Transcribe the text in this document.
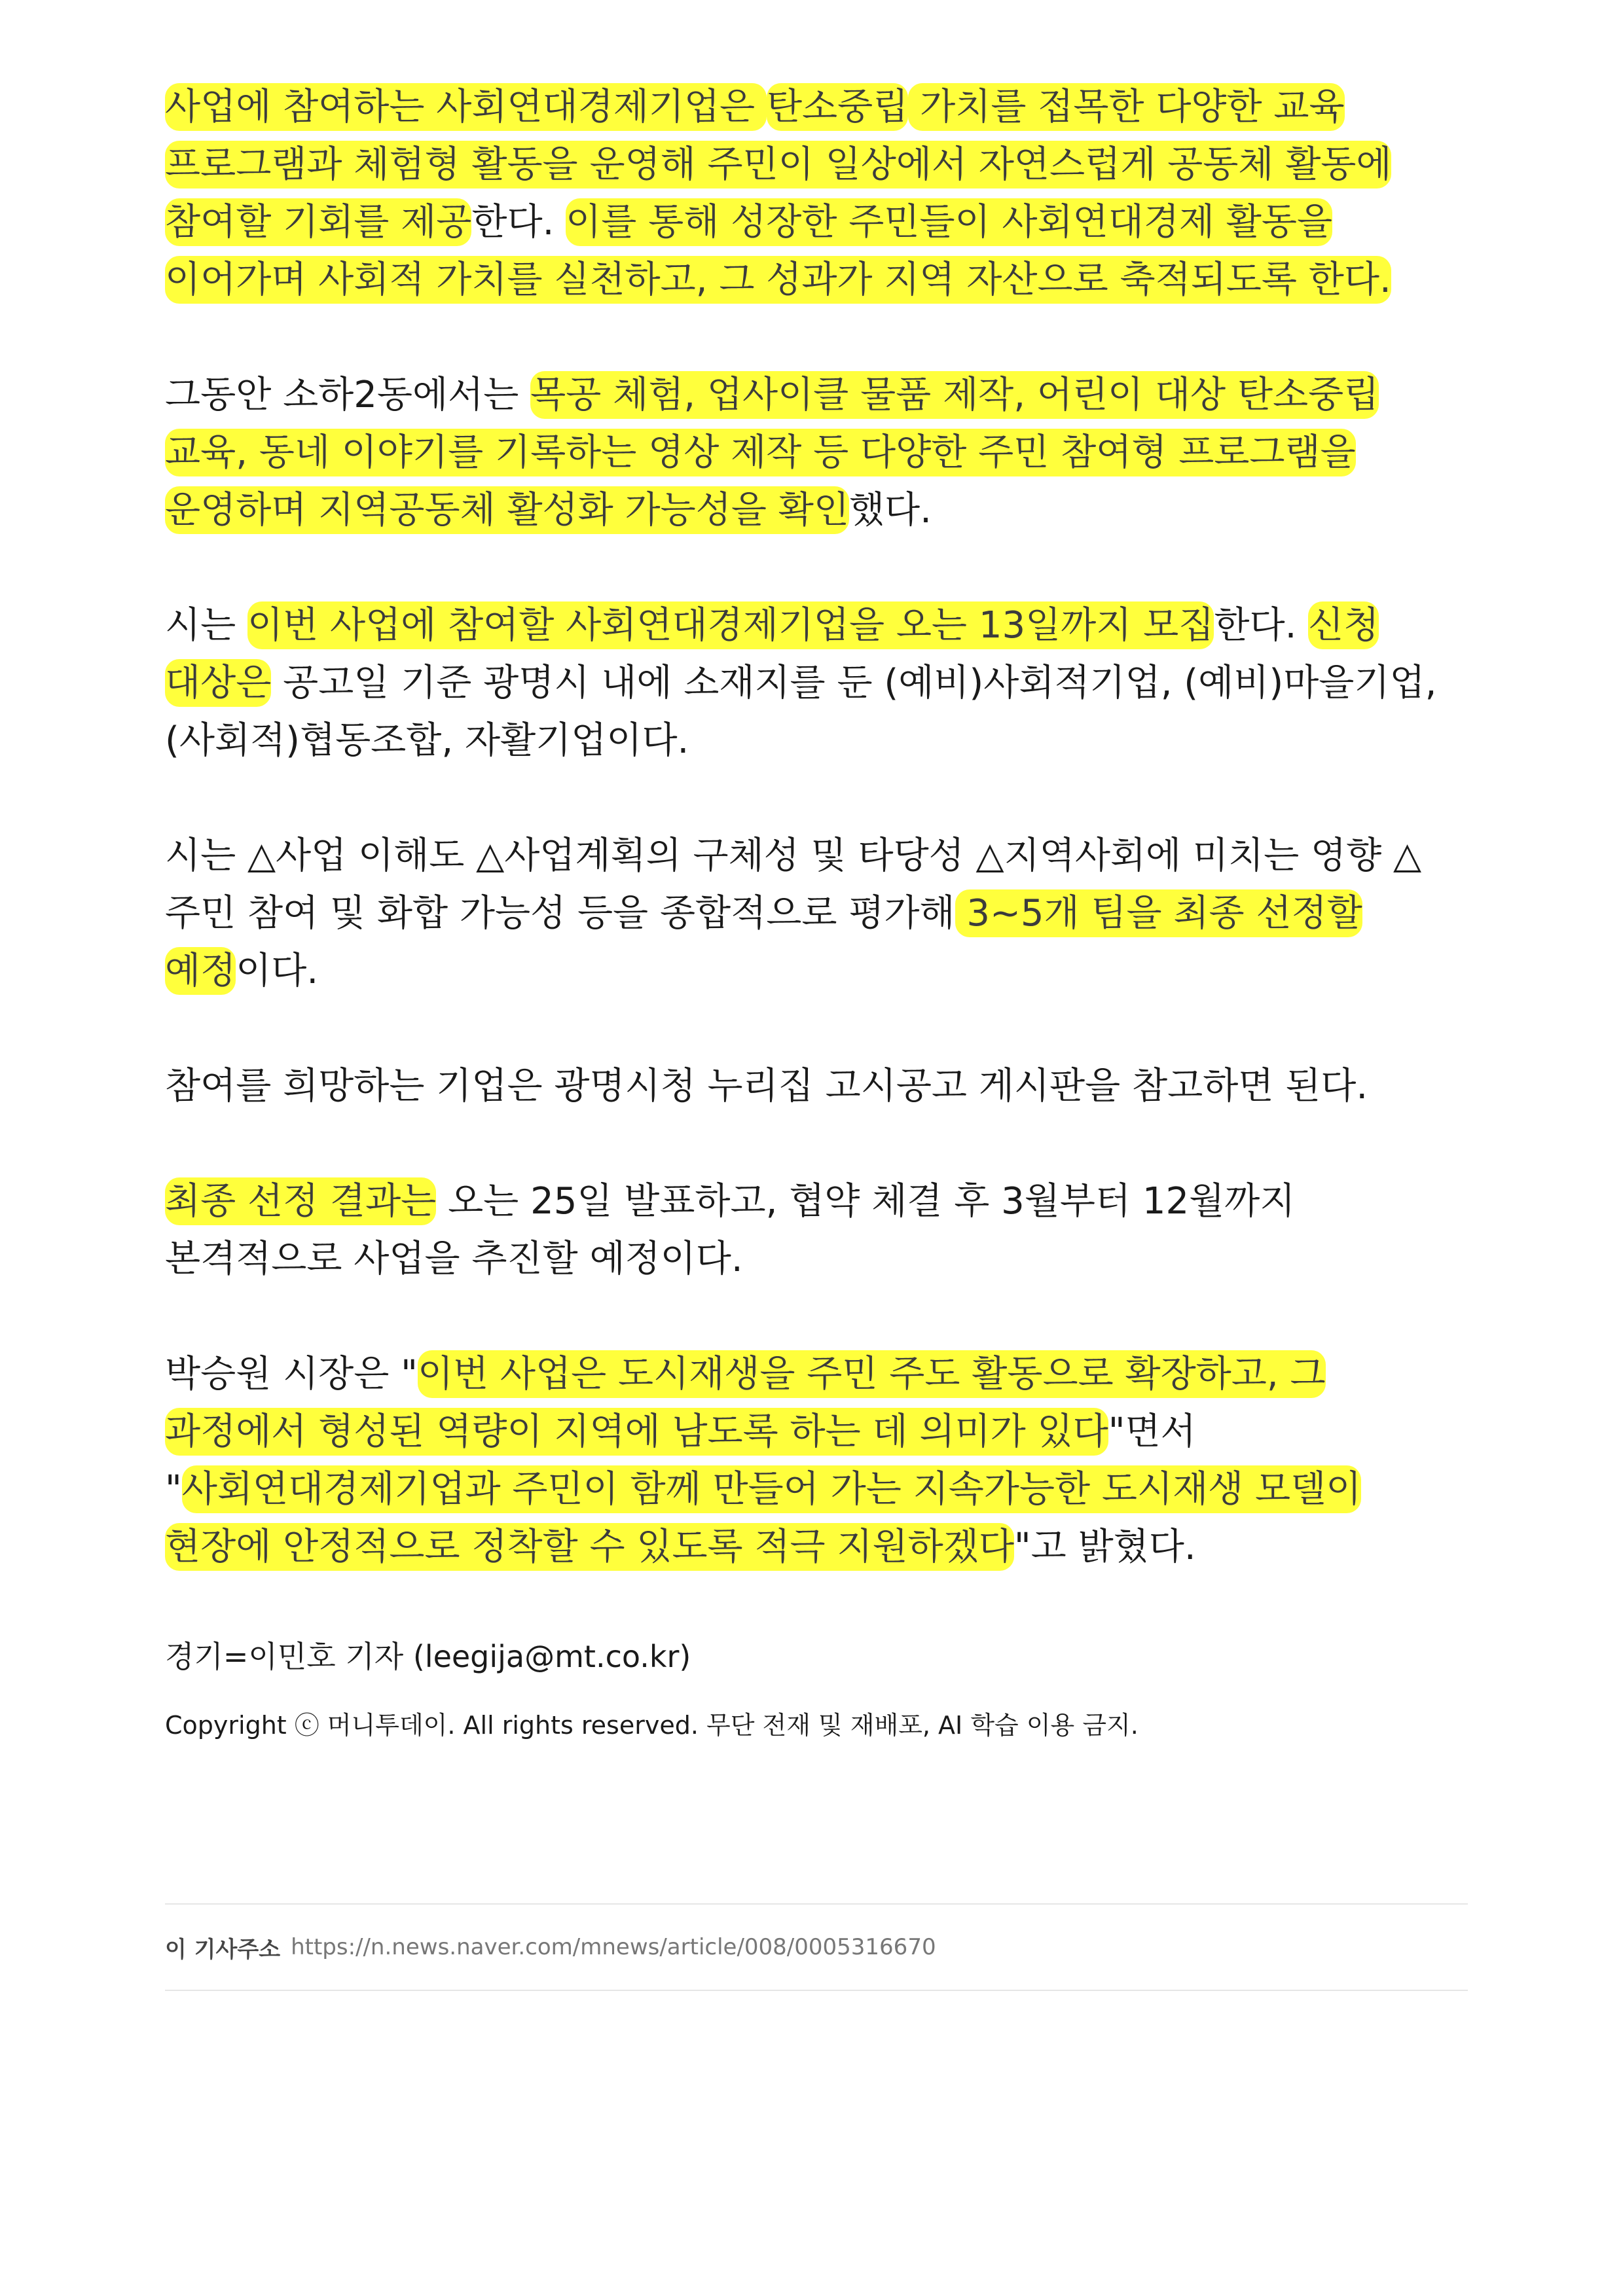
사업에 참여하는 사회연대경제기업은 탄소중립 가치를 접목한 다양한 교육 프로그램과 체험형 활동을 운영해 주민이 일상에서 자연스럽게 공동체 활동에 참여할 기회를 제공한다. 이를 통해 성장한 주민들이 사회연대경제 활동을 이어가며 사회적 가치를 실천하고, 그 성과가 지역 자산으로 축적되도록 한다.

그동안 소하2동에서는 목공 체험, 업사이클 물품 제작, 어린이 대상 탄소중립 교육, 동네 이야기를 기록하는 영상 제작 등 다양한 주민 참여형 프로그램을 운영하며 지역공동체 활성화 가능성을 확인했다.

시는 이번 사업에 참여할 사회연대경제기업을 오는 13일까지 모집한다. 신청 대상은 공고일 기준 광명시 내에 소재지를 둔 (예비)사회적기업, (예비)마을기업, (사회적)협동조합, 자활기업이다.

시는 △사업 이해도 △사업계획의 구체성 및 타당성 △지역사회에 미치는 영향 △주민 참여 및 화합 가능성 등을 종합적으로 평가해 3~5개 팀을 최종 선정할 예정이다.

참여를 희망하는 기업은 광명시청 누리집 고시공고 게시판을 참고하면 된다.

최종 선정 결과는 오는 25일 발표하고, 협약 체결 후 3월부터 12월까지 본격적으로 사업을 추진할 예정이다.

박승원 시장은 "이번 사업은 도시재생을 주민 주도 활동으로 확장하고, 그 과정에서 형성된 역량이 지역에 남도록 하는 데 의미가 있다"면서 "사회연대경제기업과 주민이 함께 만들어 가는 지속가능한 도시재생 모델이 현장에 안정적으로 정착할 수 있도록 적극 지원하겠다"고 밝혔다.

경기=이민호 기자 (leegija@mt.co.kr)

Copyright ⓒ 머니투데이. All rights reserved. 무단 전재 및 재배포, AI 학습 이용 금지.

이 기사주소 https://n.news.naver.com/mnews/article/008/0005316670
